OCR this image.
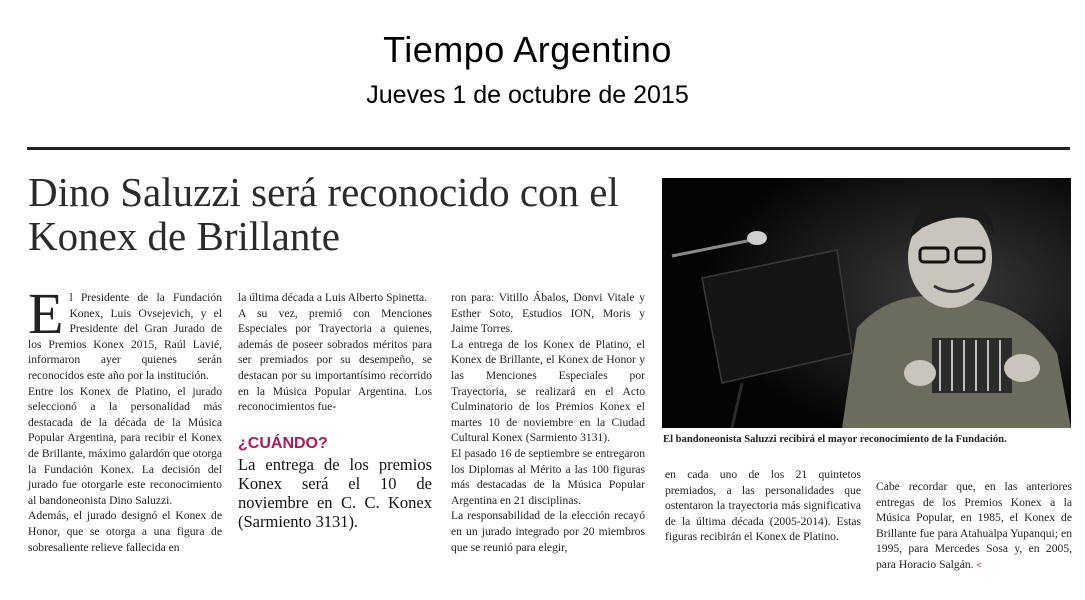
Tiempo Argentino
Jueves 1 de octubre de 2015
Dino Saluzzi será reconocido con el Konex de Brillante
E l Presidente de la Fundación Konex, Luis Ovsejevich, y el Presidente del Gran Jurado de los Premios Konex 2015, Raúl Lavié, informaron ayer quienes serán reconocidos este año por la institución.

Entre los Konex de Platino, el jurado seleccionó a la personalidad más destacada de la década de la Música Popular Argentina, para recibir el Konex de Brillante, máximo galardón que otorga la Fundación Konex. La decisión del jurado fue otorgarle este reconocimiento al bandoneonista Dino Saluzzi.

Además, el jurado designó el Konex de Honor, que se otorga a una figura de sobresaliente relieve fallecida en

la última década a Luis Alberto Spinetta.

A su vez, premió con Menciones Especiales por Trayectoria a quienes, además de poseer sobrados méritos para ser premiados por su desempeño, se destacan por su importantísimo recorrido en la Música Popular Argentina. Los reconocimientos fue-

¿CUÁNDO?
La entrega de los premios Konex será el 10 de noviembre en C. C. Konex (Sarmiento 3131).

ron para: Vitillo Ábalos, Donvi Vitale y Esther Soto, Estudios ION, Moris y Jaime Torres.

La entrega de los Konex de Platino, el Konex de Brillante, el Konex de Honor y las Menciones Especiales por Trayectoria, se realizará en el Acto Culminatorio de los Premios Konex el martes 10 de noviembre en la Ciudad Cultural Konex (Sarmiento 3131).

El pasado 16 de septiembre se entregaron los Diplomas al Mérito a las 100 figuras más destacadas de la Música Popular Argentina en 21 disciplinas.

La responsabilidad de la elección recayó en un jurado integrado por 20 miembros que se reunió para elegir,

El bandoneonista Saluzzi recibirá el mayor reconocimiento de la Fundación.

en cada uno de los 21 quintetos premiados, a las personalidades que ostentaron la trayectoria más significativa de la última década (2005-2014). Estas figuras recibirán el Konex de Platino.

Cabe recordar que, en las anteriores entregas de los Premios Konex a la Música Popular, en 1985, el Konex de Brillante fue para Atahualpa Yupanqui; en 1995, para Mercedes Sosa y, en 2005, para Horacio Salgán. <
